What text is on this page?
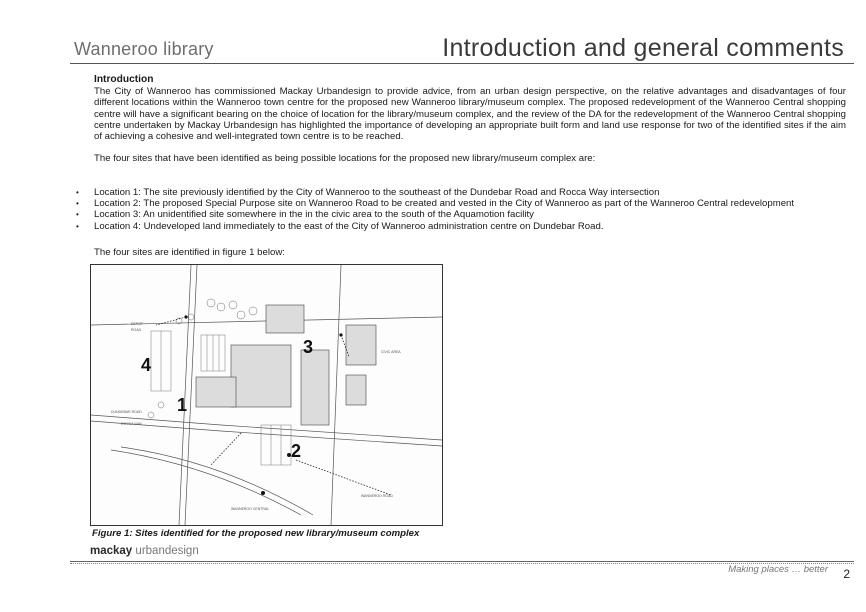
Wanneroo library	Introduction and general comments
Introduction

The City of Wanneroo has commissioned Mackay Urbandesign to provide advice, from an urban design perspective, on the relative advantages and disadvantages of four different locations within the Wanneroo town centre for the proposed new Wanneroo library/museum complex. The proposed redevelopment of the Wanneroo Central shopping centre will have a significant bearing on the choice of location for the library/museum complex, and the review of the DA for the redevelopment of the Wanneroo Central shopping centre undertaken by Mackay Urbandesign has highlighted the importance of developing an appropriate built form and land use response for two of the identified sites if the aim of achieving a cohesive and well-integrated town centre is to be reached.

The four sites that have been identified as being possible locations for the proposed new library/museum complex are:

• Location 1: The site previously identified by the City of Wanneroo to the southeast of the Dundebar Road and Rocca Way intersection
• Location 2: The proposed Special Purpose site on Wanneroo Road to be created and vested in the City of Wanneroo as part of the Wanneroo Central redevelopment
• Location 3: An unidentified site somewhere in the in the civic area to the south of the Aquamotion facility
• Location 4: Undeveloped land immediately to the east of the City of Wanneroo administration centre on Dundebar Road.
The four sites are identified in figure 1 below:
DEPOT
ROAD
DUNDEBAR ROAD
ROCCA WAY
CIVIC AREA
WANNEROO ROAD
WANNEROO CENTRAL
4
1
3
2
Figure 1: Sites identified for the proposed new library/museum complex
mackay urbandesign
Making places … better 2
